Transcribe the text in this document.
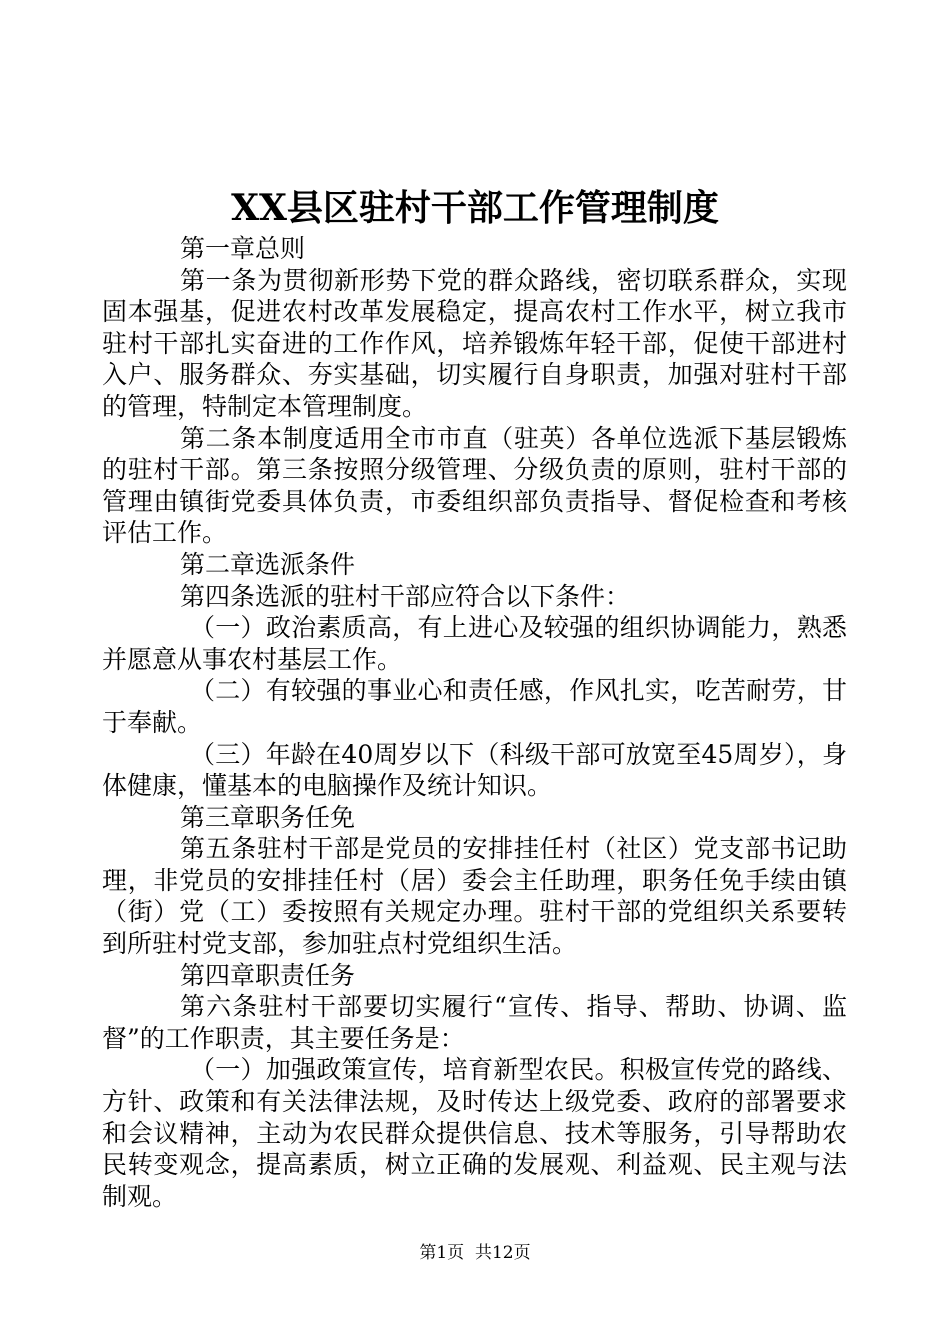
XX县区驻村干部工作管理制度

第一章总则

第一条为贯彻新形势下党的群众路线，密切联系群众，实现固本强基，促进农村改革发展稳定，提高农村工作水平，树立我市驻村干部扎实奋进的工作作风，培养锻炼年轻干部，促使干部进村入户、服务群众、夯实基础，切实履行自身职责，加强对驻村干部的管理，特制定本管理制度。

第二条本制度适用全市市直（驻英）各单位选派下基层锻炼的驻村干部。第三条按照分级管理、分级负责的原则，驻村干部的管理由镇街党委具体负责，市委组织部负责指导、督促检查和考核评估工作。

第二章选派条件

第四条选派的驻村干部应符合以下条件：

（一）政治素质高，有上进心及较强的组织协调能力，熟悉并愿意从事农村基层工作。

（二）有较强的事业心和责任感，作风扎实，吃苦耐劳，甘于奉献。

（三）年龄在40周岁以下（科级干部可放宽至45周岁），身体健康，懂基本的电脑操作及统计知识。

第三章职务任免

第五条驻村干部是党员的安排挂任村（社区）党支部书记助理，非党员的安排挂任村（居）委会主任助理，职务任免手续由镇（街）党（工）委按照有关规定办理。驻村干部的党组织关系要转到所驻村党支部，参加驻点村党组织生活。

第四章职责任务

第六条驻村干部要切实履行“宣传、指导、帮助、协调、监督”的工作职责，其主要任务是：

（一）加强政策宣传，培育新型农民。积极宣传党的路线、方针、政策和有关法律法规，及时传达上级党委、政府的部署要求和会议精神，主动为农民群众提供信息、技术等服务，引导帮助农民转变观念，提高素质，树立正确的发展观、利益观、民主观与法制观。

第1页  共12页
